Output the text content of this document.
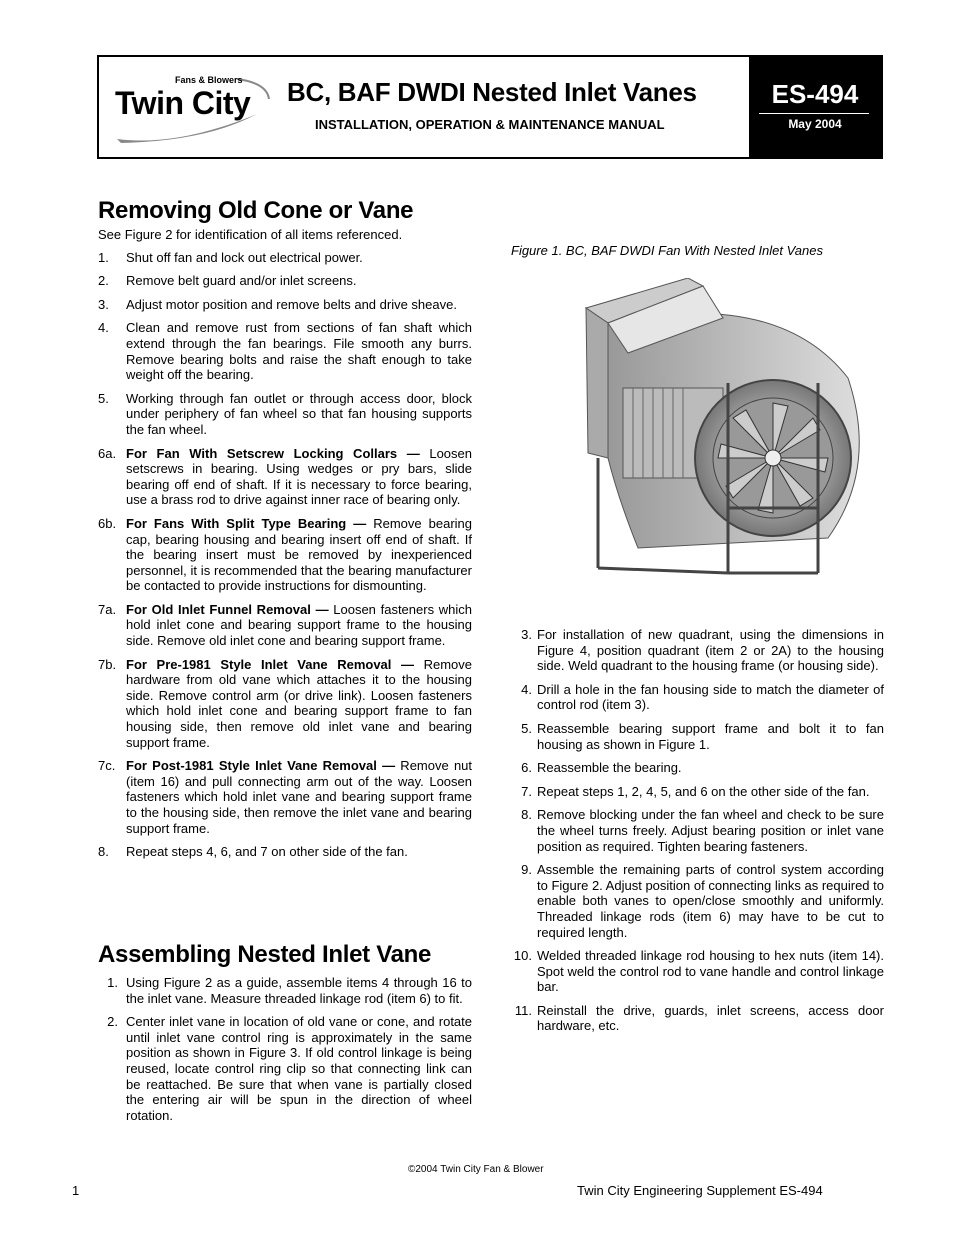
Fans & Blowers
Twin City BC, BAF DWDI Nested Inlet Vanes
INSTALLATION, OPERATION & MAINTENANCE MANUAL
ES-494
May 2004
Removing Old Cone or Vane
See Figure 2 for identification of all items referenced.
1. Shut off fan and lock out electrical power.
2. Remove belt guard and/or inlet screens.
3. Adjust motor position and remove belts and drive sheave.
4. Clean and remove rust from sections of fan shaft which extend through the fan bearings. File smooth any burrs. Remove bearing bolts and raise the shaft enough to take weight off the bearing.
5. Working through fan outlet or through access door, block under periphery of fan wheel so that fan housing supports the fan wheel.
6a. For Fan With Setscrew Locking Collars — Loosen setscrews in bearing. Using wedges or pry bars, slide bearing off end of shaft. If it is necessary to force bearing, use a brass rod to drive against inner race of bearing only.
6b. For Fans With Split Type Bearing — Remove bearing cap, bearing housing and bearing insert off end of shaft. If the bearing insert must be removed by inexperienced personnel, it is recommended that the bearing manufacturer be contacted to provide instructions for dismounting.
7a. For Old Inlet Funnel Removal — Loosen fasteners which hold inlet cone and bearing support frame to the housing side. Remove old inlet cone and bearing support frame.
7b. For Pre-1981 Style Inlet Vane Removal — Remove hardware from old vane which attaches it to the housing side. Remove control arm (or drive link). Loosen fasteners which hold inlet cone and bearing support frame to fan housing side, then remove old inlet vane and bearing support frame.
7c. For Post-1981 Style Inlet Vane Removal — Remove nut (item 16) and pull connecting arm out of the way. Loosen fasteners which hold inlet vane and bearing support frame to the housing side, then remove the inlet vane and bearing support frame.
8. Repeat steps 4, 6, and 7 on other side of the fan.
Assembling Nested Inlet Vane
1. Using Figure 2 as a guide, assemble items 4 through 16 to the inlet vane. Measure threaded linkage rod (item 6) to fit.
2. Center inlet vane in location of old vane or cone, and rotate until inlet vane control ring is approximately in the same position as shown in Figure 3. If old control linkage is being reused, locate control ring clip so that connecting link can be reattached. Be sure that when vane is partially closed the entering air will be spun in the direction of wheel rotation.
Figure 1. BC, BAF DWDI Fan With Nested Inlet Vanes
3. For installation of new quadrant, using the dimensions in Figure 4, position quadrant (item 2 or 2A) to the housing side. Weld quadrant to the housing frame (or housing side).
4. Drill a hole in the fan housing side to match the diameter of control rod (item 3).
5. Reassemble bearing support frame and bolt it to fan housing as shown in Figure 1.
6. Reassemble the bearing.
7. Repeat steps 1, 2, 4, 5, and 6 on the other side of the fan.
8. Remove blocking under the fan wheel and check to be sure the wheel turns freely. Adjust bearing position or inlet vane position as required. Tighten bearing fasteners.
9. Assemble the remaining parts of control system according to Figure 2. Adjust position of connecting links as required to enable both vanes to open/close smoothly and uniformly. Threaded linkage rods (item 6) may have to be cut to required length.
10. Welded threaded linkage rod housing to hex nuts (item 14). Spot weld the control rod to vane handle and control linkage bar.
11. Reinstall the drive, guards, inlet screens, access door hardware, etc.
©2004 Twin City Fan & Blower
1	Twin City Engineering Supplement ES-494
